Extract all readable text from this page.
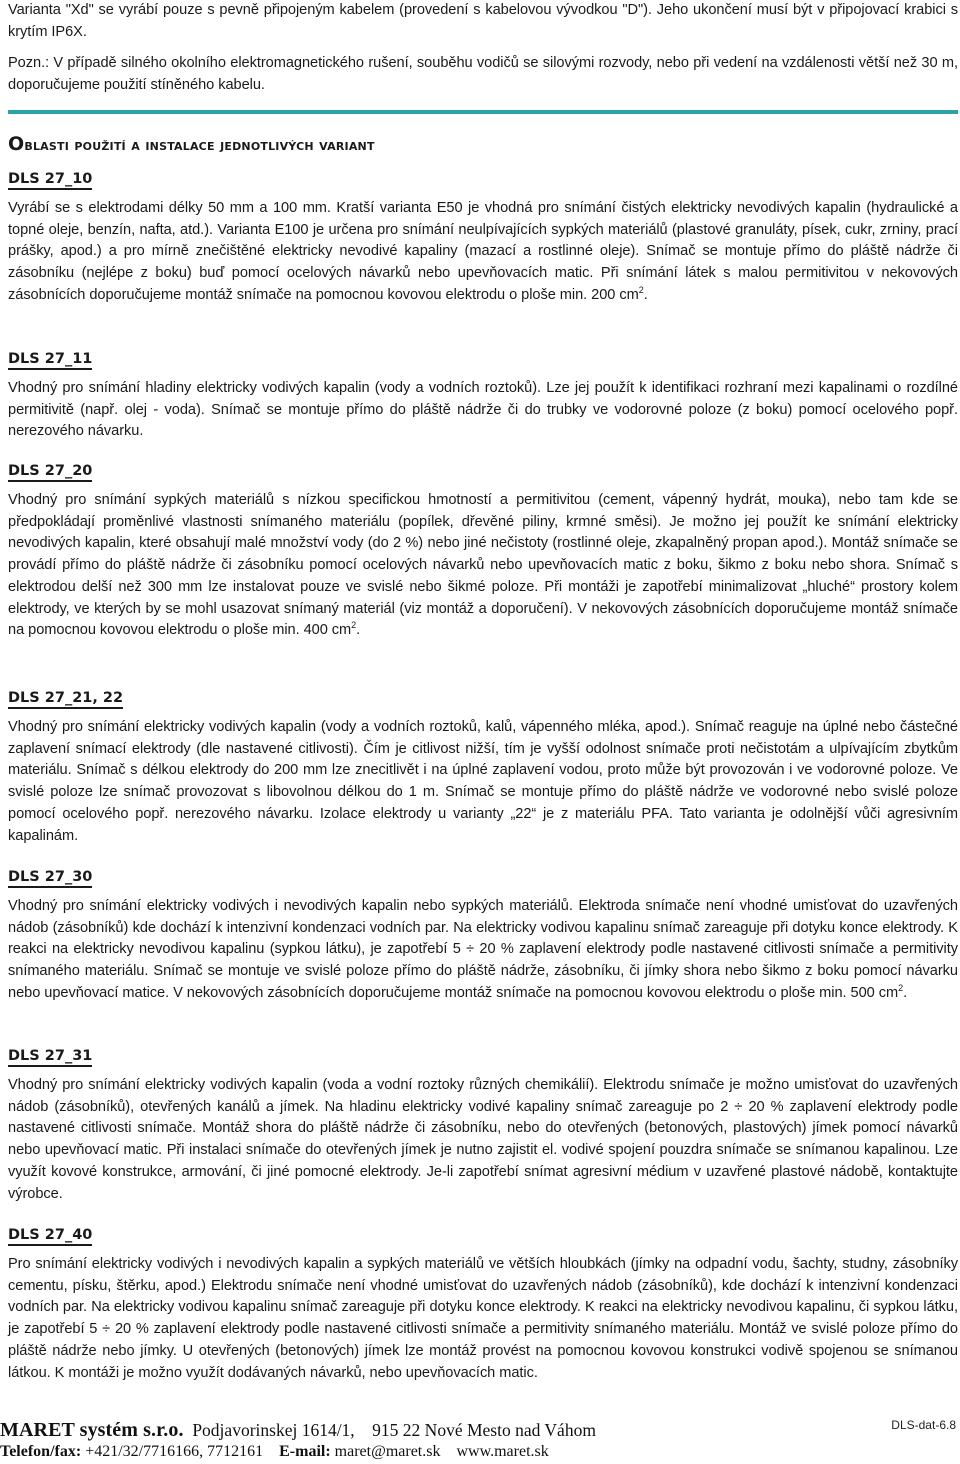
Varianta "Xd" se vyrábí pouze s pevně připojeným kabelem (provedení s kabelovou vývodkou "D"). Jeho ukončení musí být v připojovací krabici s krytím IP6X.

Pozn.: V případě silného okolního elektromagnetického rušení, souběhu vodičů se silovými rozvody, nebo při vedení na vzdálenosti větší než 30 m, doporučujeme použití stíněného kabelu.

Oblasti použití a instalace jednotlivých variant
DLS 27_10

Vyrábí se s elektrodami délky 50 mm a 100 mm. Kratší varianta E50 je vhodná pro snímání čistých elektricky nevodivých kapalin (hydraulické a topné oleje, benzín, nafta, atd.). Varianta E100 je určena pro snímání neulpívajících sypkých materiálů (plastové granuláty, písek, cukr, zrniny, prací prášky, apod.) a pro mírně znečištěné elektricky nevodivé kapaliny (mazací a rostlinné oleje). Snímač se montuje přímo do pláště nádrže či zásobníku (nejlépe z boku) buď pomocí ocelových návarků nebo upevňovacích matic. Při snímání látek s malou permitivitou v nekovových zásobnících doporučujeme montáž snímače na pomocnou kovovou elektrodu o ploše min. 200 $cm^2$.

DLS 27_11

Vhodný pro snímání hladiny elektricky vodivých kapalin (vody a vodních roztoků). Lze jej použít k identifikaci rozhraní mezi kapalinami o rozdílné permitivitě (např. olej - voda). Snímač se montuje přímo do pláště nádrže či do trubky ve vodorovné poloze (z boku) pomocí ocelového popř. nerezového návarku.

DLS 27_20

Vhodný pro snímání sypkých materiálů s nízkou specifickou hmotností a permitivitou (cement, vápenný hydrát, mouka), nebo tam kde se předpokládají proměnlivé vlastnosti snímaného materiálu (popílek, dřevěné piliny, krmné směsi). Je možno jej použít ke snímání elektricky nevodivých kapalin, které obsahují malé množství vody (do 2 %) nebo jiné nečistoty (rostlinné oleje, zkapalněný propan apod.). Montáž snímače se provádí přímo do pláště nádrže či zásobníku pomocí ocelových návarků nebo upevňovacích matic z boku, šikmo z boku nebo shora. Snímač s elektrodou delší než 300 mm lze instalovat pouze ve svislé nebo šikmé poloze. Při montáži je zapotřebí minimalizovat „hluché“ prostory kolem elektrody, ve kterých by se mohl usazovat snímaný materiál (viz montáž a doporučení). V nekovových zásobnících doporučujeme montáž snímače na pomocnou kovovou elektrodu o ploše min. 400 $cm^2$.

DLS 27_21, 22

Vhodný pro snímání elektricky vodivých kapalin (vody a vodních roztoků, kalů, vápenného mléka, apod.). Snímač reaguje na úplné nebo částečné zaplavení snímací elektrody (dle nastavené citlivosti). Čím je citlivost nižší, tím je vyšší odolnost snímače proti nečistotám a ulpívajícím zbytkům materiálu. Snímač s délkou elektrody do 200 mm lze znecitlivět i na úplné zaplavení vodou, proto může být provozován i ve vodorovné poloze. Ve svislé poloze lze snímač provozovat s libovolnou délkou do 1 m. Snímač se montuje přímo do pláště nádrže ve vodorovné nebo svislé poloze pomocí ocelového popř. nerezového návarku. Izolace elektrody u varianty „22“ je z materiálu PFA. Tato varianta je odolnější vůči agresivním kapalinám.

DLS 27_30

Vhodný pro snímání elektricky vodivých i nevodivých kapalin nebo sypkých materiálů. Elektroda snímače není vhodné umisťovat do uzavřených nádob (zásobníků) kde dochází k intenzivní kondenzaci vodních par. Na elektricky vodivou kapalinu snímač zareaguje při dotyku konce elektrody. K reakci na elektricky nevodivou kapalinu (sypkou látku), je zapotřebí 5 ÷ 20 % zaplavení elektrody podle nastavené citlivosti snímače a permitivity snímaného materiálu. Snímač se montuje ve svislé poloze přímo do pláště nádrže, zásobníku, či jímky shora nebo šikmo z boku pomocí návarku nebo upevňovací matice. V nekovových zásobnících doporučujeme montáž snímače na pomocnou kovovou elektrodu o ploše min. 500 $cm^2$.

DLS 27_31

Vhodný pro snímání elektricky vodivých kapalin (voda a vodní roztoky různých chemikálií). Elektrodu snímače je možno umisťovat do uzavřených nádob (zásobníků), otevřených kanálů a jímek. Na hladinu elektricky vodivé kapaliny snímač zareaguje po 2 ÷ 20 % zaplavení elektrody podle nastavené citlivosti snímače. Montáž shora do pláště nádrže či zásobníku, nebo do otevřených (betonových, plastových) jímek pomocí návarků nebo upevňovací matic. Při instalaci snímače do otevřených jímek je nutno zajistit el. vodivé spojení pouzdra snímače se snímanou kapalinou. Lze využít kovové konstrukce, armování, či jiné pomocné elektrody. Je-li zapotřebí snímat agresivní médium v uzavřené plastové nádobě, kontaktujte výrobce.

DLS 27_40

Pro snímání elektricky vodivých i nevodivých kapalin a sypkých materiálů ve větších hloubkách (jímky na odpadní vodu, šachty, studny, zásobníky cementu, písku, štěrku, apod.) Elektrodu snímače není vhodné umisťovat do uzavřených nádob (zásobníků), kde dochází k intenzivní kondenzaci vodních par. Na elektricky vodivou kapalinu snímač zareaguje při dotyku konce elektrody. K reakci na elektricky nevodivou kapalinu, či sypkou látku, je zapotřebí 5 ÷ 20 % zaplavení elektrody podle nastavené citlivosti snímače a permitivity snímaného materiálu. Montáž ve svislé poloze přímo do pláště nádrže nebo jímky. U otevřených (betonových) jímek lze montáž provést na pomocnou kovovou konstrukci vodivě spojenou se snímanou látkou. K montáži je možno využít dodávaných návarků, nebo upevňovacích matic.

MARET systém s.r.o. Podjavorinskej 1614/1,    915 22 Nové Mesto nad Váhom
Telefon/fax: +421/32/7716166, 7712161 E-mail: maret@maret.sk www.maret.sk
DLS-dat-6.8
